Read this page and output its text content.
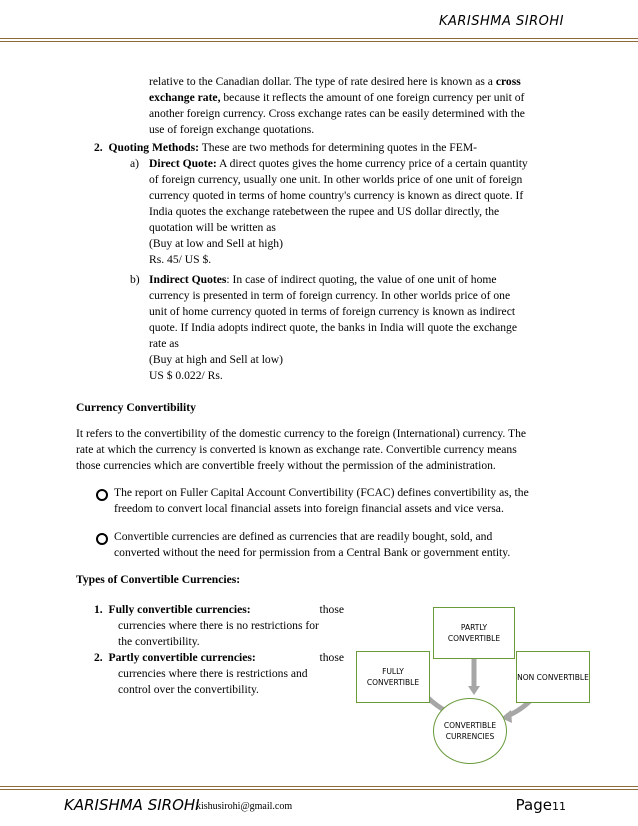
KARISHMA SIROHI
relative to the Canadian dollar. The type of rate desired here is known as a cross
exchange rate, because it reflects the amount of one foreign currency per unit of
another foreign currency. Cross exchange rates can be easily determined with the
use of foreign exchange quotations.
2. Quoting Methods: These are two methods for determining quotes in the FEM-
a) Direct Quote: A direct quotes gives the home currency price of a certain quantity
of foreign currency, usually one unit. In other worlds price of one unit of foreign
currency quoted in terms of home country's currency is known as direct quote. If
India quotes the exchange ratebetween the rupee and US dollar directly, the
quotation will be written as
(Buy at low and Sell at high)
Rs. 45/ US $.
b) Indirect Quotes: In case of indirect quoting, the value of one unit of home
currency is presented in term of foreign currency. In other worlds price of one
unit of home currency quoted in terms of foreign currency is known as indirect
quote. If India adopts indirect quote, the banks in India will quote the exchange
rate as
(Buy at high and Sell at low)
US $ 0.022/ Rs.
Currency Convertibility
It refers to the convertibility of the domestic currency to the foreign (International) currency. The
rate at which the currency is converted is known as exchange rate. Convertible currency means
those currencies which are convertible freely without the permission of the administration.
The report on Fuller Capital Account Convertibility (FCAC) defines convertibility as, the
freedom to convert local financial assets into foreign financial assets and vice versa.
Convertible currencies are defined as currencies that are readily bought, sold, and
converted without the need for permission from a Central Bank or government entity.
Types of Convertible Currencies:
1. Fully convertible currencies:	those
currencies where there is no restrictions for
the convertibility.
2. Partly convertible currencies:	those
currencies where there is restrictions and
control over the convertibility.
PARTLY CONVERTIBLE
FULLY CONVERTIBLE
NON CONVERTIBLE
CONVERTIBLE CURRENCIES
KARISHMA SIROHI
kishusirohi@gmail.com	Page11
